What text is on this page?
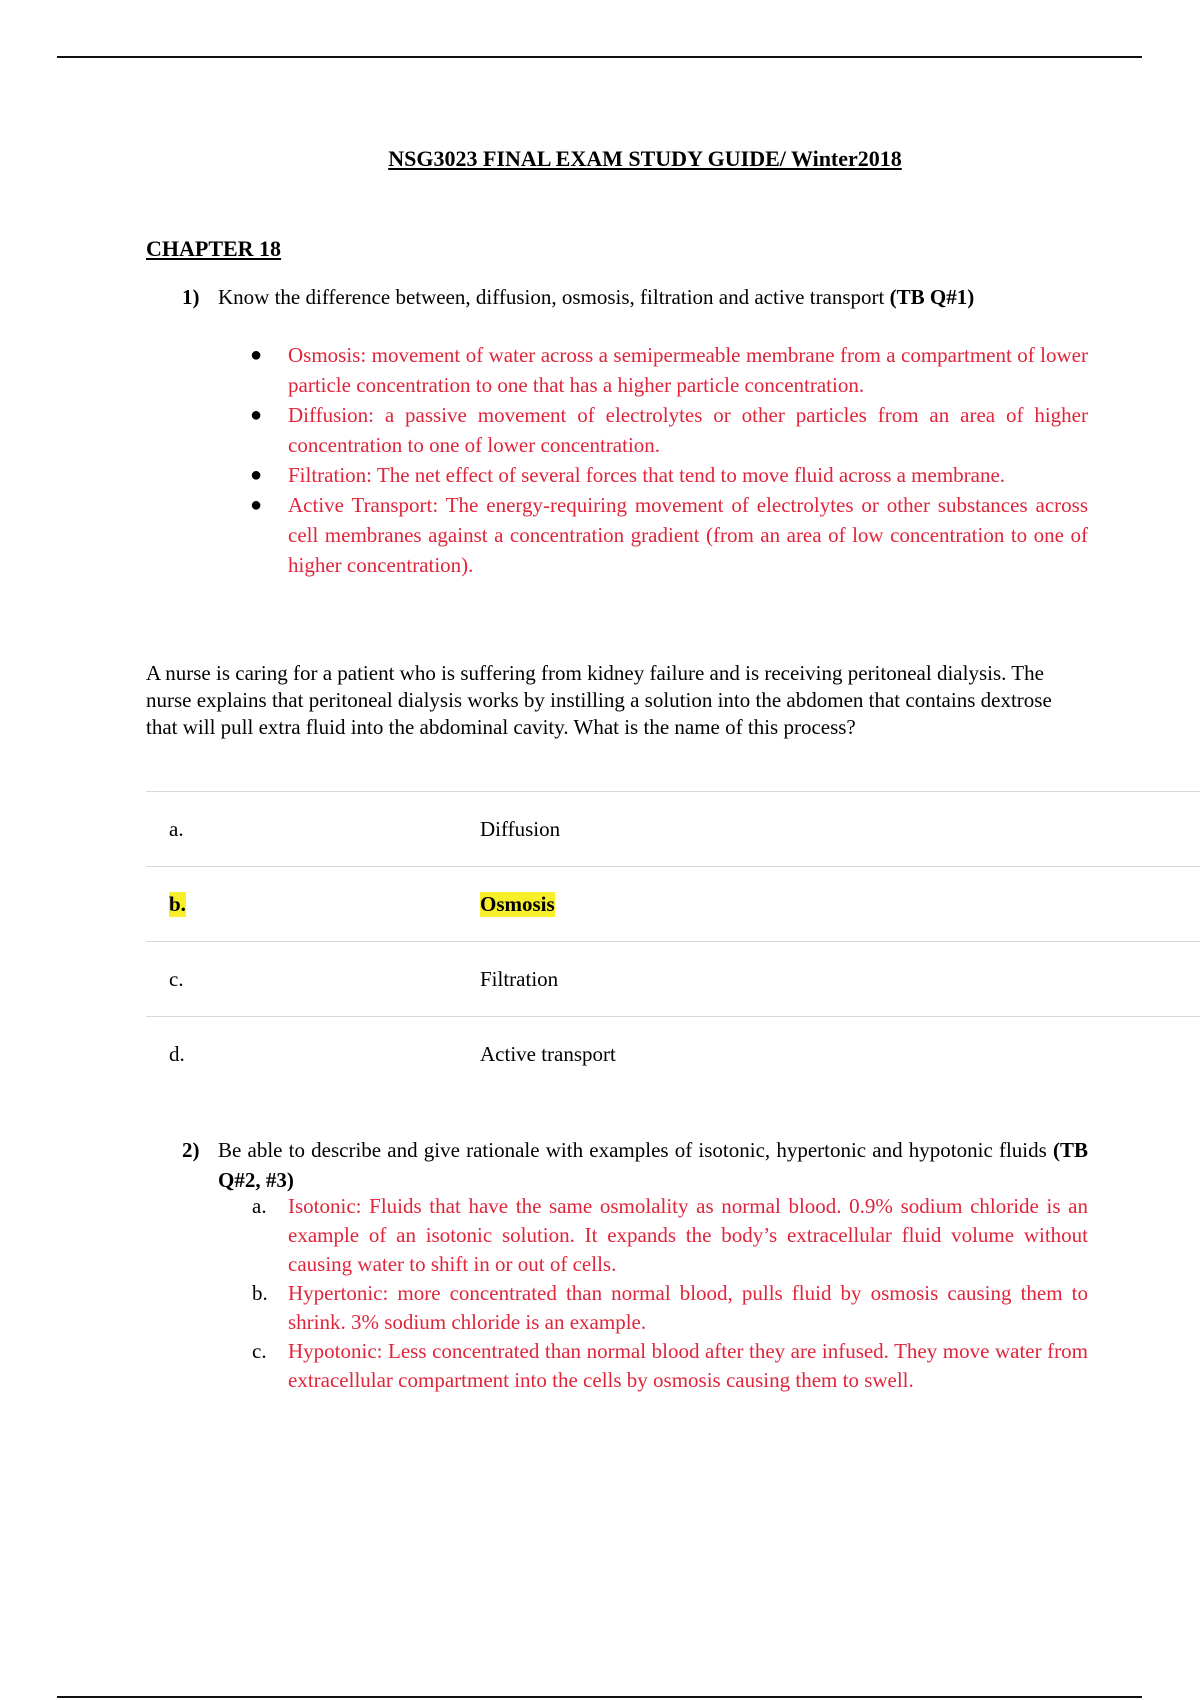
NSG3023 FINAL EXAM STUDY GUIDE/ Winter2018
CHAPTER 18
1) Know the difference between, diffusion, osmosis, filtration and active transport (TB Q#1)
● Osmosis: movement of water across a semipermeable membrane from a compartment of lower particle concentration to one that has a higher particle concentration.
● Diffusion: a passive movement of electrolytes or other particles from an area of higher concentration to one of lower concentration.
● Filtration: The net effect of several forces that tend to move fluid across a membrane.
● Active Transport: The energy-requiring movement of electrolytes or other substances across cell membranes against a concentration gradient (from an area of low concentration to one of higher concentration).
A nurse is caring for a patient who is suffering from kidney failure and is receiving peritoneal dialysis. The nurse explains that peritoneal dialysis works by instilling a solution into the abdomen that contains dextrose that will pull extra fluid into the abdominal cavity. What is the name of this process?
a.	Diffusion
b.	Osmosis
c.	Filtration
d.	Active transport
2) Be able to describe and give rationale with examples of isotonic, hypertonic and hypotonic fluids (TB Q#2, #3)
a. Isotonic: Fluids that have the same osmolality as normal blood. 0.9% sodium chloride is an example of an isotonic solution. It expands the body’s extracellular fluid volume without causing water to shift in or out of cells.
b. Hypertonic: more concentrated than normal blood, pulls fluid by osmosis causing them to shrink. 3% sodium chloride is an example.
c. Hypotonic: Less concentrated than normal blood after they are infused. They move water from extracellular compartment into the cells by osmosis causing them to swell.
